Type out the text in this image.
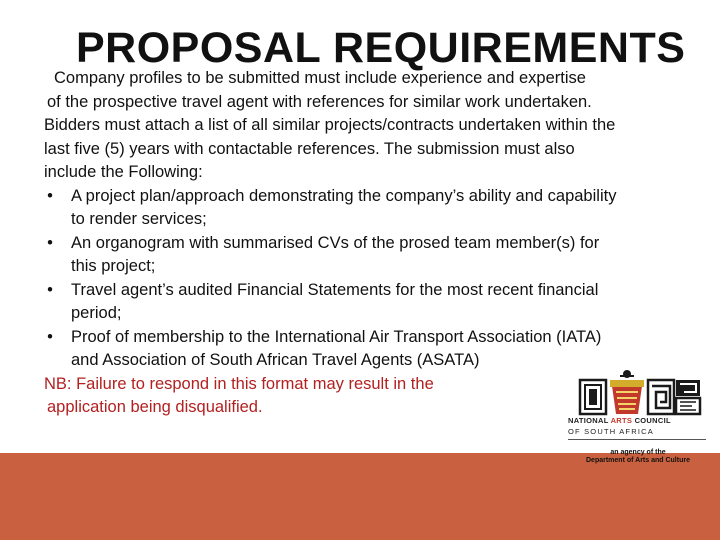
PROPOSAL REQUIREMENTS
Company profiles to be submitted must include experience and expertise
of the prospective travel agent with references for similar work undertaken.
Bidders must attach a list of all similar projects/contracts undertaken within the
last five (5) years with contactable references. The submission must also
include the Following:
• A project plan/approach demonstrating the company’s ability and capability
to render services;
• An organogram with summarised CVs of the prosed team member(s) for
this project;
• Travel agent’s audited Financial Statements for the most recent financial
period;
• Proof of membership to the International Air Transport Association (IATA)
and Association of South African Travel Agents (ASATA)
NB: Failure to respond in this format may result in the
application being disqualified.
NATIONAL ARTS COUNCIL
OF SOUTH AFRICA
an agency of the
Department of Arts and Culture
